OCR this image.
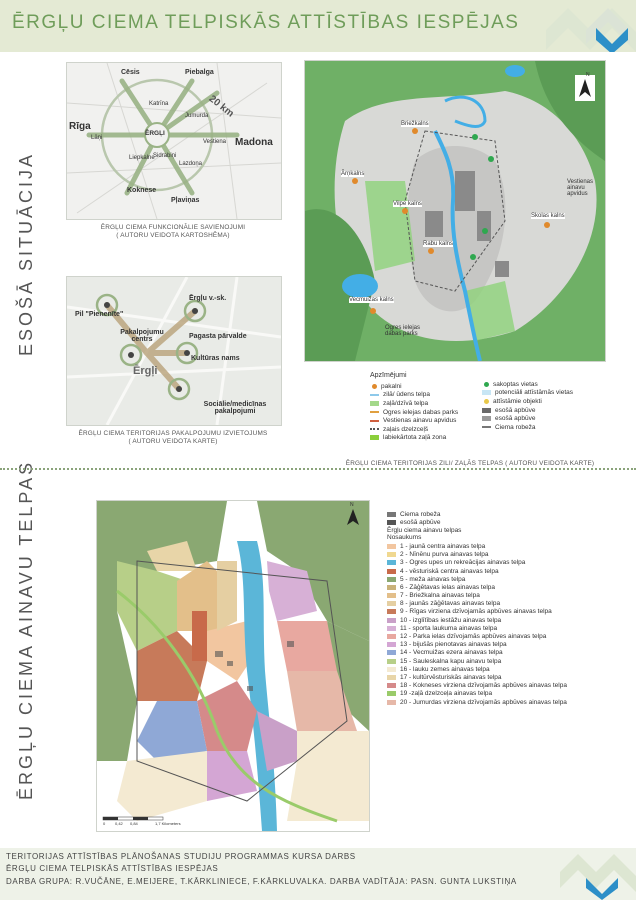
ĒRGĻU CIEMA TELPISKĀS ATTĪSTĪBAS IESPĒJAS
ESOŠĀ SITUĀCIJA
ĒRGĻU CIEMA AINAVU TELPAS
Cēsis	Piebalga
Rīga
Katrīna
Jumurda
Lāņi
ĒRGĻI
Vestiena Madona
Liepkalne
Sidrabiņi
Lazdoņa
Koknese
Pļaviņas
20 km
ĒRGĻU CIEMA FUNKCIONĀLIE SAVIENOJUMI
( AUTORU VEIDOTA KARTOSHĒMA)
Pil "Pienenīte"
Ērgļu v.-sk.
Pakalpojumu centrs	Pagasta pārvalde
Kultūras nams
Ērgļi
Sociālie/medicīnas pakalpojumi
ĒRGĻU CIEMA TERITORIJAS PAKALPOJUMU IZVIETOJUMS
( AUTORU VEIDOTA KARTE)
N
Briežkalns
Ārņkalns
Vilpe kalns
Rabu kalns
Vecmuižas kalns
Skolas kalns
Vestienas ainavu apvidus
Ogres ielejas dabas parks
Apzīmējumi
pakalni
zilā/ ūdens telpa
zaļā/dzīvā telpa
Ogres ielejas dabas parks
Vestienas ainavu apvidus
zaļais dzelzceļš
labiekārtota zaļā zona
sakoptas vietas
potenciāli attīstāmās vietas
attīstāmie objekti
esošā apbūve
esošā apbūve
Ciema robeža
ĒRGĻU CIEMA TERITORIJAS ZILI/ ZAĻĀS TELPAS ( AUTORU VEIDOTA KARTE)
N
0 0,42 0,84	1,7 Kilometers
Ciema robeža
esošā apbūve
Ērgļu ciema ainavu telpas
Nosaukums
1 - jaunā centra ainavas telpa
2 - Nīnēnu purva ainavas telpa
3 - Ogres upes un rekreācijas ainavas telpa
4 - vēsturiskā centra ainavas telpa
5 - meža ainavas telpa
6 - Zāģētavas ielas ainavas telpa
7 - Briežkalna ainavas telpa
8 - jaunās zāģētavas ainavas telpa
9 - Rīgas virziena dzīvojamās apbūves ainavas telpa
10 - izglītības iestāžu ainavas telpa
11 - sporta laukuma ainavas telpa
12 - Parka ielas dzīvojamās apbūves ainavas telpa
13 - bijušās pienotavas ainavas telpa
14 - Vecmuižas ezera ainavas telpa
15 - Sauleskalna kapu ainavu telpa
16 - lauku zemes ainavas telpa
17 - kultūrvēsturiskās ainavas telpa
18 - Kokneses virziena dzīvojamās apbūves ainavas telpa
19 -zaļā dzelzceļa ainavas telpa
20 - Jumurdas virziena dzīvojamās apbūves ainavas telpa
TERITORIJAS ATTĪSTĪBAS PLĀNOŠANAS STUDIJU PROGRAMMAS KURSA DARBS
ĒRGĻU CIEMA TELPISKĀS ATTĪSTĪBAS IESPĒJAS
DARBA GRUPA: R.VUČĀNE, E.MEIJERE, T.KĀRKLINIECE, F.KĀRKLUVALKA. DARBA VADĪTĀJA: PASN. GUNTA LUKSTIŅA
